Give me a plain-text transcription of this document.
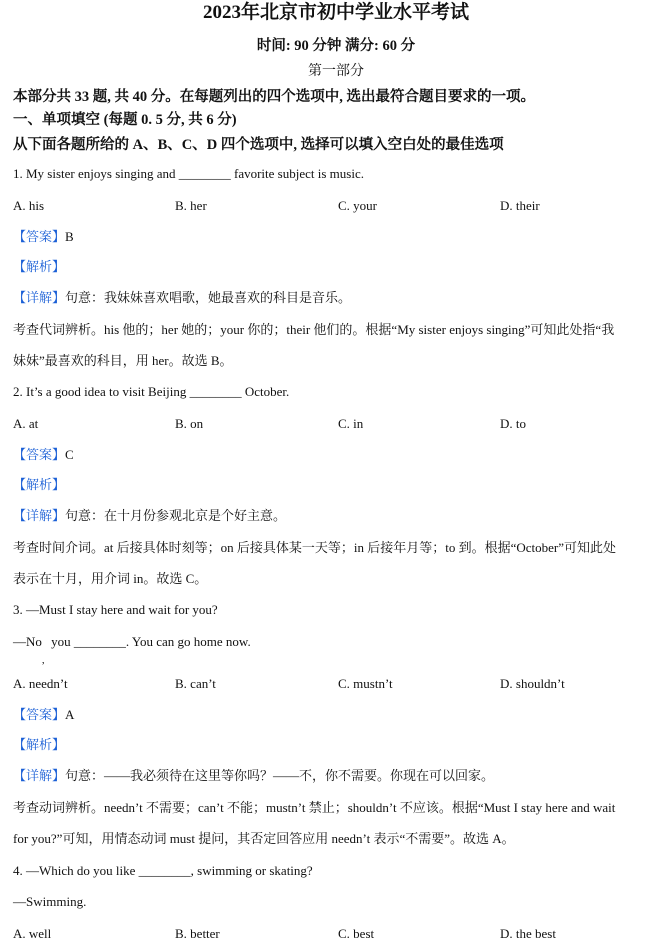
2023年北京市初中学业水平考试
时间: 90 分钟 满分: 60 分
第一部分
本部分共 33 题, 共 40 分。在每题列出的四个选项中, 选出最符合题目要求的一项。
一、单项填空 (每题 0. 5 分, 共 6 分)
从下面各题所给的 A、B、C、D 四个选项中, 选择可以填入空白处的最佳选项
1. My sister enjoys singing and ________ favorite subject is music.
A. his	B. her	C. your	D. their
【答案】B
【解析】
【详解】句意：我妹妹喜欢唱歌，她最喜欢的科目是音乐。
考查代词辨析。his 他的；her 她的；your 你的；their 他们的。根据“My sister enjoys singing”可知此处指“我
妹妹”最喜欢的科目，用 her。故选 B。
2. It’s a good idea to visit Beijing ________ October.
A. at	B. on	C. in	D. to
【答案】C
【解析】
【详解】句意：在十月份参观北京是个好主意。
考查时间介词。at 后接具体时刻等；on 后接具体某一天等；in 后接年月等；to 到。根据“October”可知此处
表示在十月，用介词 in。故选 C。
3. —Must I stay here and wait for you?
—No
,
you ________. You can go home now.
A. needn’t	B. can’t	C. mustn’t	D. shouldn’t
【答案】A
【解析】
【详解】句意：——我必须待在这里等你吗？——不，你不需要。你现在可以回家。
考查动词辨析。needn’t 不需要；can’t 不能；mustn’t 禁止；shouldn’t 不应该。根据“Must I stay here and wait
for you?”可知，用情态动词 must 提问，其否定回答应用 needn’t 表示“不需要”。故选 A。
4. —Which do you like ________, swimming or skating?
—Swimming.
A. well	B. better	C. best	D. the best
